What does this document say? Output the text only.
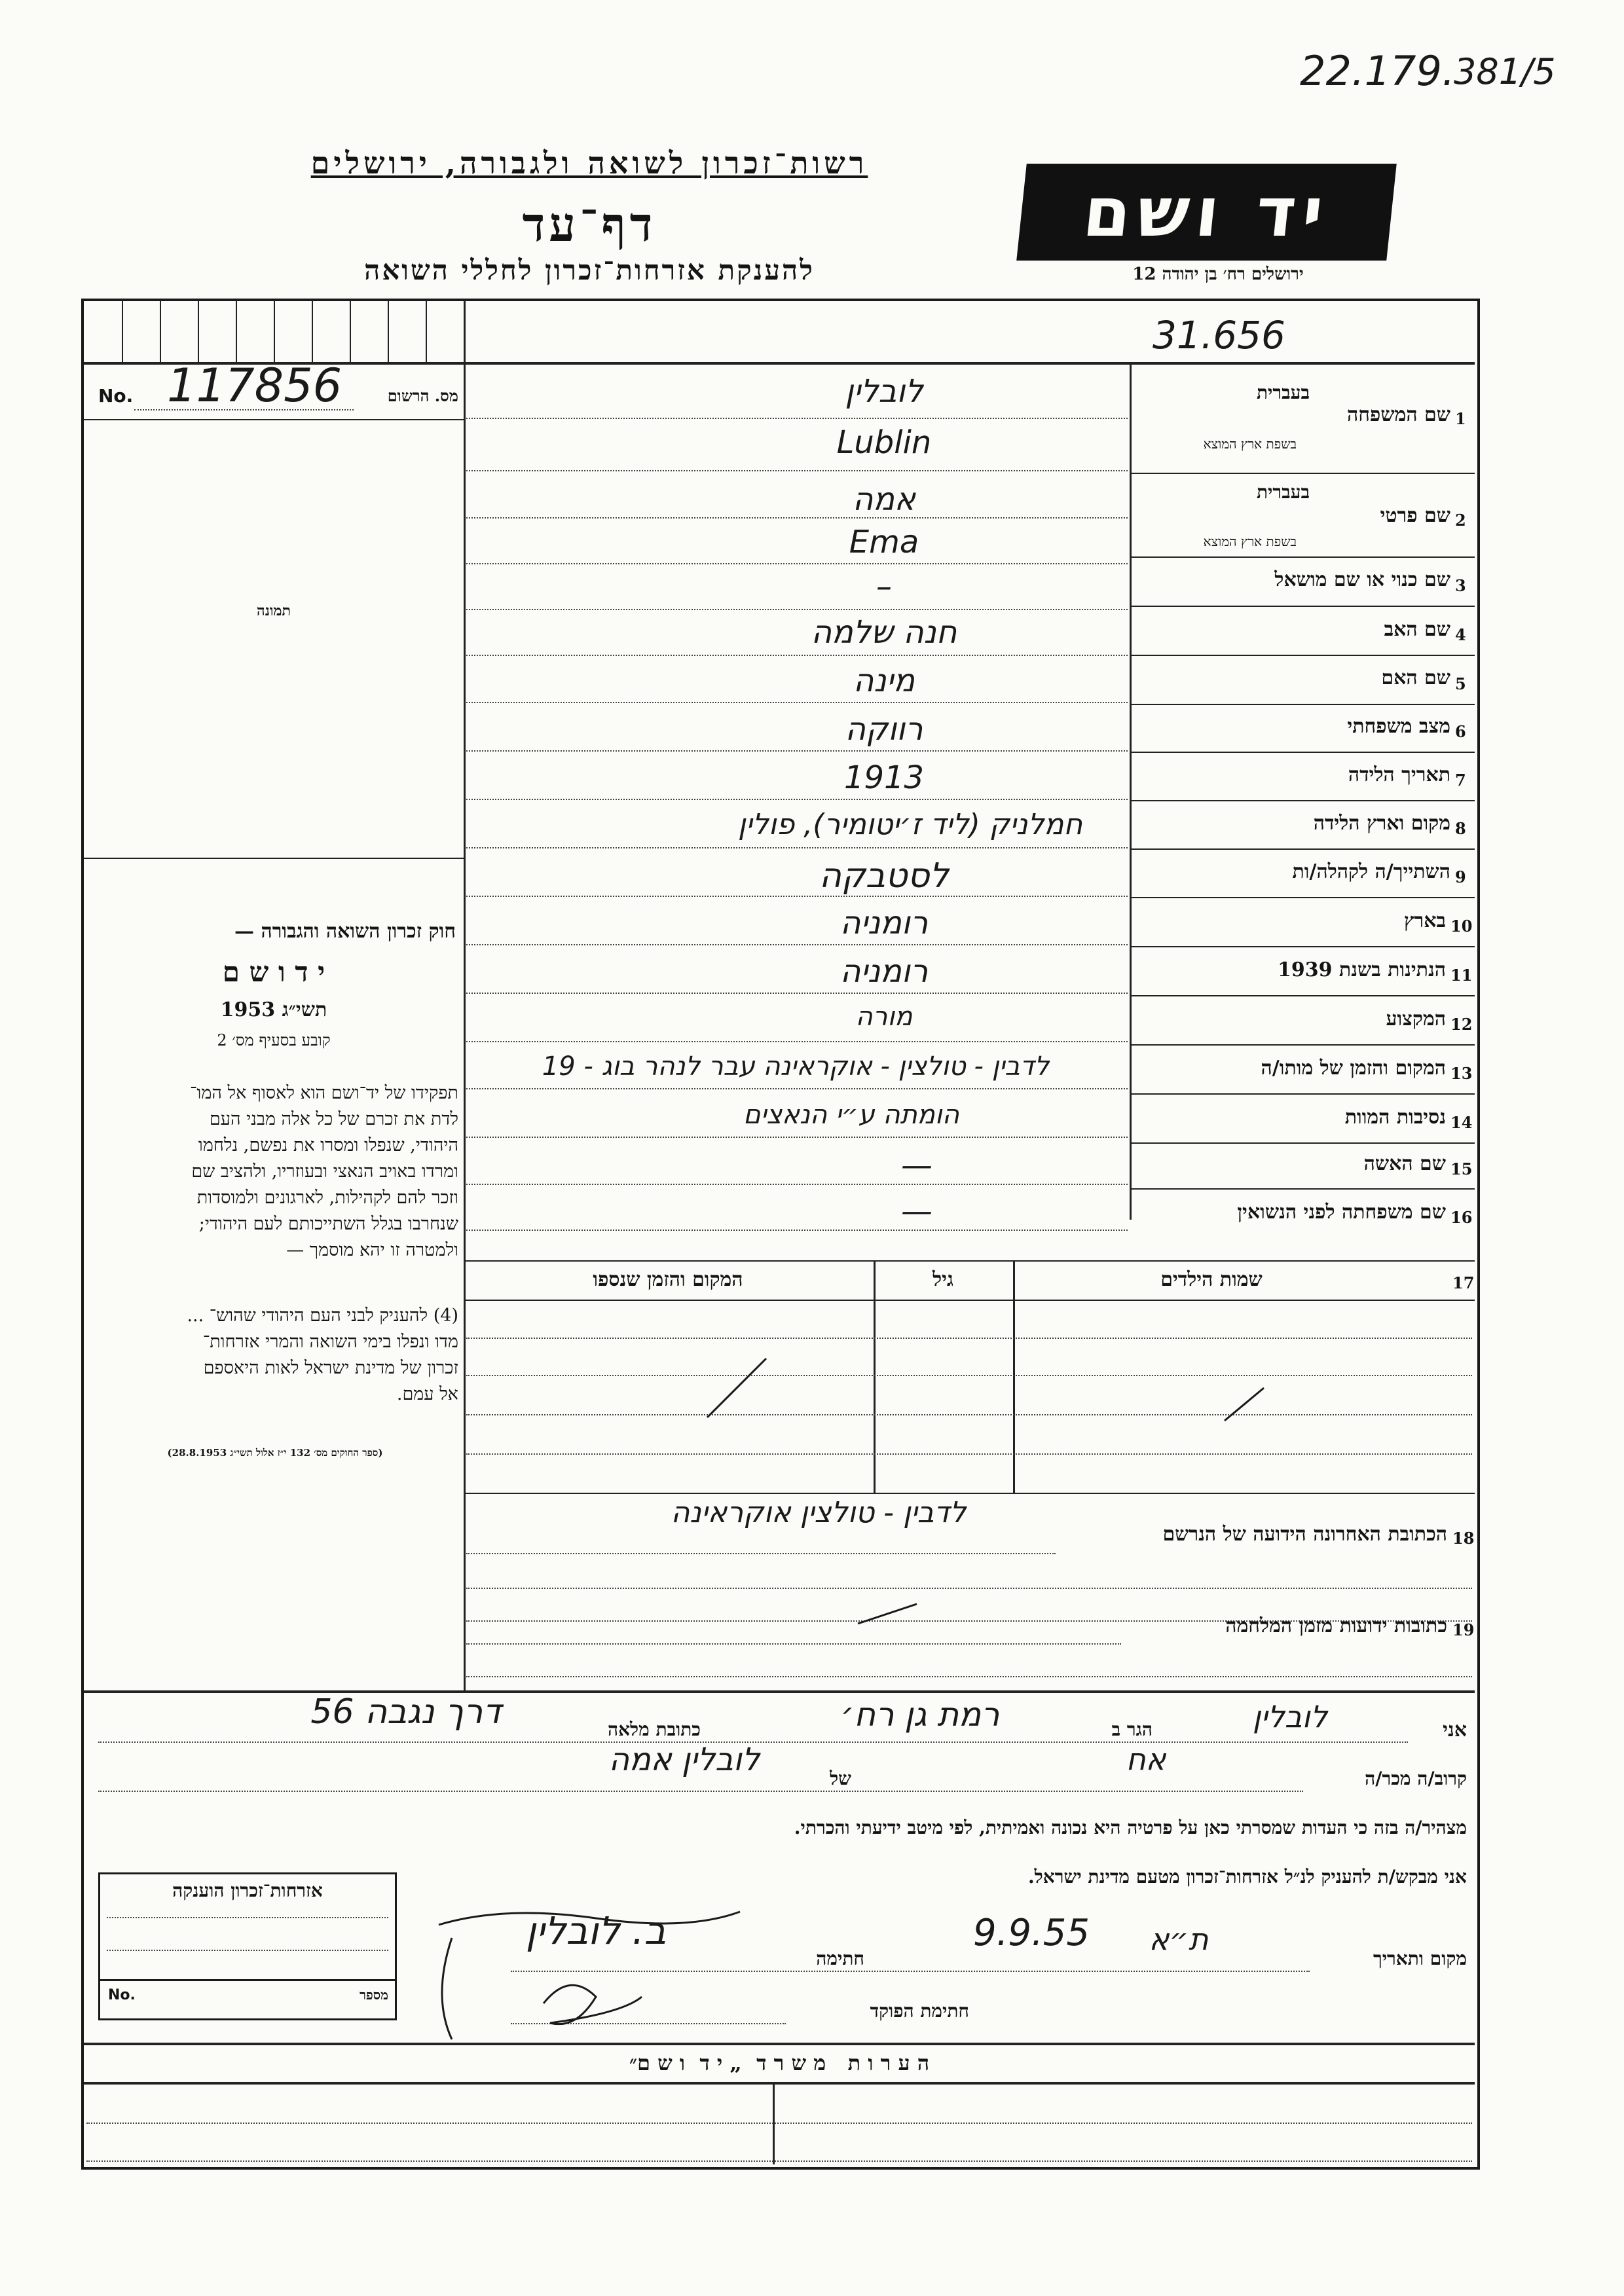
22.179.
381/5
רשות־זכרון לשואה ולגבורה, ירושלים
דף־עד
להענקת אזרחות־זכרון לחללי השואה
יד ושם
ירושלים רח׳ בן יהודה 12
31.656
No. 117856	מס. הרשום
תמונה
חוק זכרון השואה והגבורה —
י ד ו ש ם
תשי״ג 1953
קובע בסעיף מס׳ 2
תפקידו של יד־ושם הוא לאסוף אל המו־
לדת את זכרם של כל אלה מבני העם
היהודי, שנפלו ומסרו את נפשם, נלחמו
ומרדו באויב הנאצי ובעוזריו, ולהציב שם
וזכר להם לקהילות, לארגונים ולמוסדות
שנחרבו בגלל השתייכותם לעם היהודי;
ולמטרה זו יהא מוסמך —
(4) להעניק לבני העם היהודי שהוש־ ...
מדו ונפלו בימי השואה והמרי אזרחות־
זכרון של מדינת ישראל לאות היאספם
אל עמם.
(ספר החוקים מס׳ 132 י״ז אלול תשי״ג 28.8.1953)
1
שם המשפחה
בעברית
בשפת ארץ המוצא
2
שם פרטי
בעברית
בשפת ארץ המוצא
3
שם כנוי או שם מושאל
4
שם האב
5
שם האם
6
מצב משפחתי
7
תאריך הלידה
8
מקום וארץ הלידה
9
השתייך/ה לקהלה/ות
10
בארץ
11
הנתינות בשנת 1939
12
המקצוע
13
המקום והזמן של מותו/ה
14
נסיבות המוות
15
שם האשה
16
שם משפחתה לפני הנשואין
לובלין
Lublin
אמה
Ema
–
חנה שלמה
מינה
רווקה
1913
חמלניק (ליד ז׳יטומיר), פולין
לסטבקה
רומניה
רומניה
מורה
לדבין - טולצין - אוקראינה עבר לנהר בוג - 19
הומתה ע״י הנאצים
—
—
17
שמות הילדים
גיל
המקום והזמן שנספו
18
הכתובת האחרונה הידועה של הנרשם
לדבין - טולצין אוקראינה
19
כתובות ידועות מזמן המלחמה
אני
לובלין
הגר ב
רמת גן רח׳
כתובת מלאה
דרך נגבה 56
קרוב/ה מכר/ה
אח
של
לובלין אמה
מצהיר/ה בזה כי העדות שמסרתי כאן על פרטיה היא נכונה ואמיתית, לפי מיטב ידיעתי והכרתי.
אני מבקש/ת להעניק לנ״ל אזרחות־זכרון מטעם מדינת ישראל.
מקום ותאריך
ת״א
9.9.55
חתימה
ב. לובלין
חתימת הפוקד
אזרחות־זכרון הוענקה
No.	מספר
ה ע ר ו ת   מ ש ר ד  „ י ד  ו ש ם״
